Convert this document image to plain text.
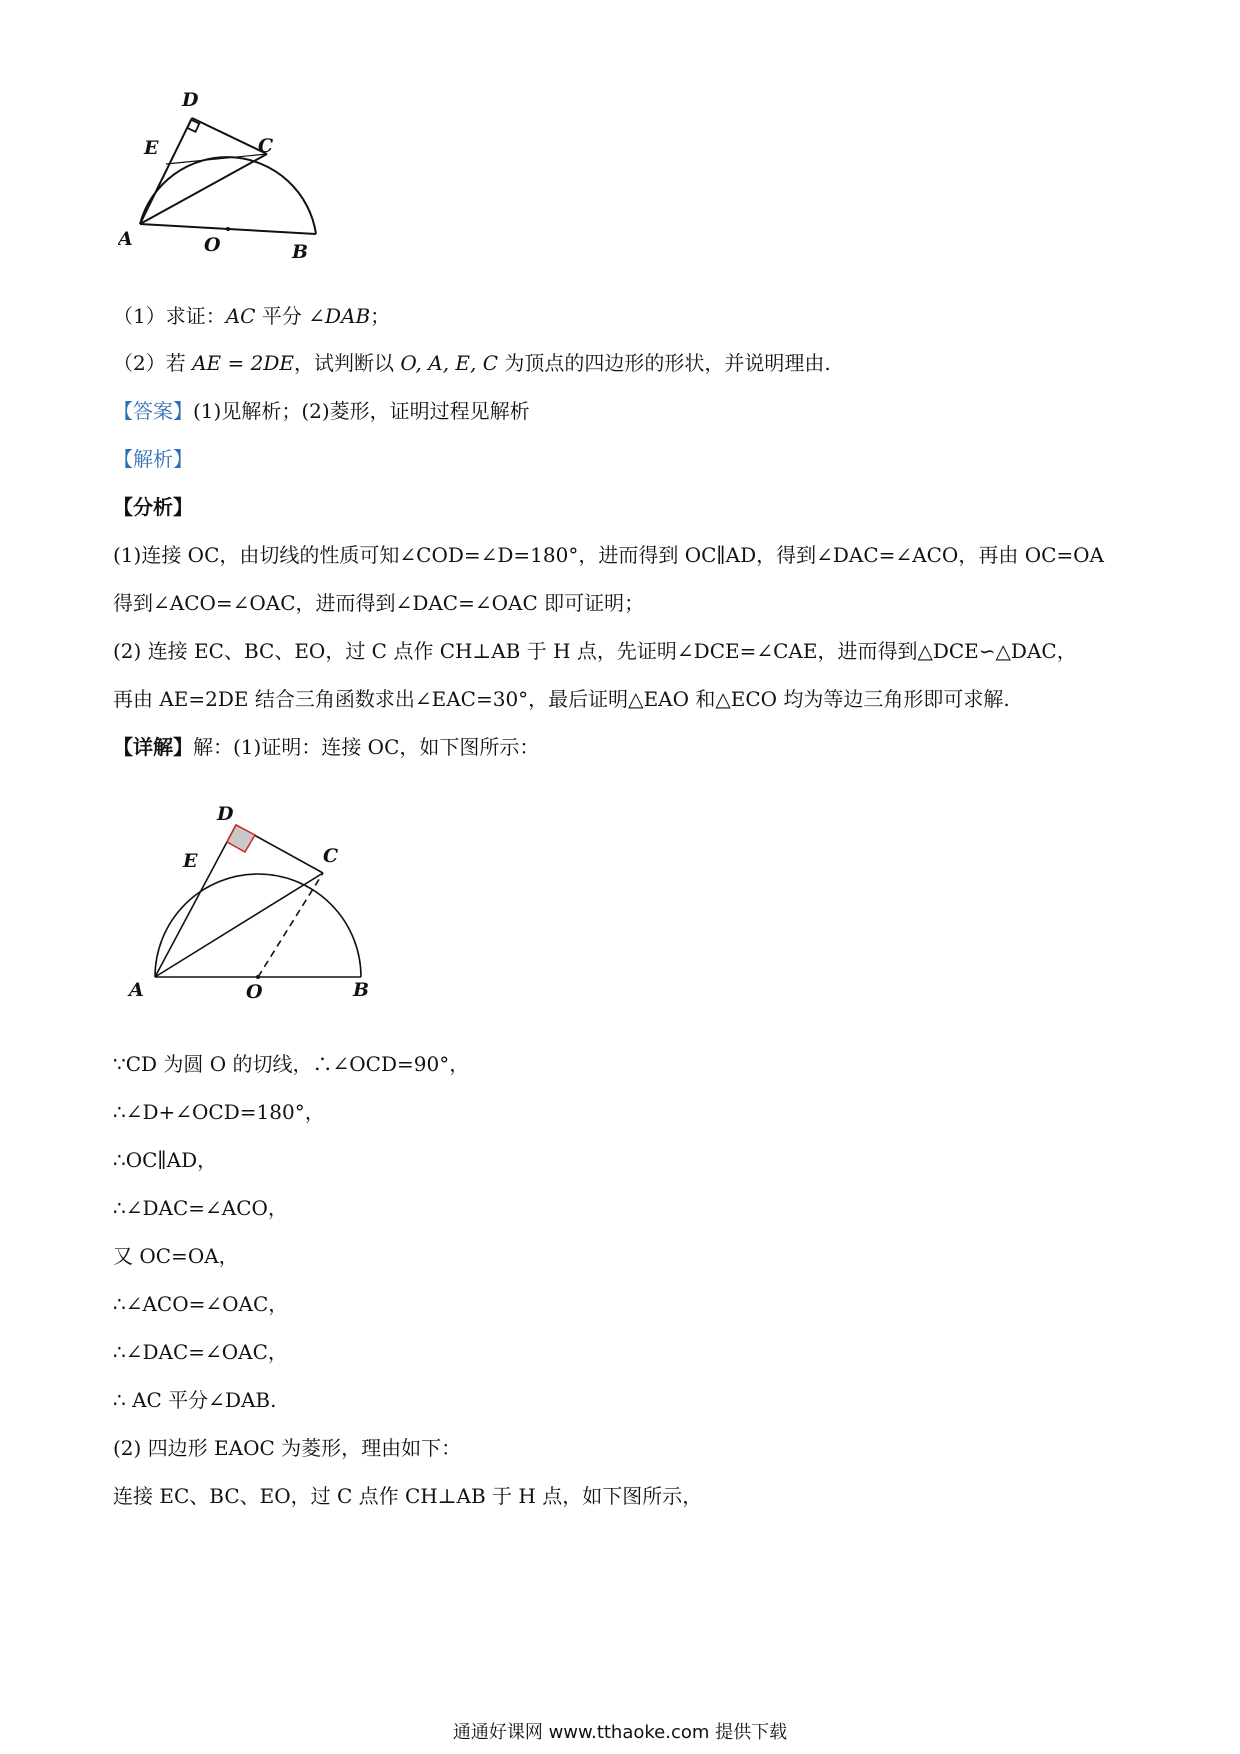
D
E	C
A	O	B
（1）求证：AC 平分 ∠DAB；
（2）若 AE = 2DE，试判断以 O, A, E, C 为顶点的四边形的形状，并说明理由.
【答案】(1)见解析；(2)菱形，证明过程见解析
【解析】
【分析】
(1)连接 OC，由切线的性质可知∠COD=∠D=180°，进而得到 OC∥AD，得到∠DAC=∠ACO，再由 OC=OA
得到∠ACO=∠OAC，进而得到∠DAC=∠OAC 即可证明；
(2) 连接 EC、BC、EO，过 C 点作 CH⊥AB 于 H 点，先证明∠DCE=∠CAE，进而得到△DCE∽△DAC，
再由 AE=2DE 结合三角函数求出∠EAC=30°，最后证明△EAO 和△ECO 均为等边三角形即可求解.
【详解】解：(1)证明：连接 OC，如下图所示：
D
E	C
A	O	B
∵CD 为圆 O 的切线，∴∠OCD=90°，
∴∠D+∠OCD=180°，
∴OC∥AD，
∴∠DAC=∠ACO，
又 OC=OA，
∴∠ACO=∠OAC，
∴∠DAC=∠OAC，
∴ AC 平分∠DAB.
(2) 四边形 EAOC 为菱形，理由如下：
连接 EC、BC、EO，过 C 点作 CH⊥AB 于 H 点，如下图所示，
通通好课网 www.tthaoke.com 提供下载
